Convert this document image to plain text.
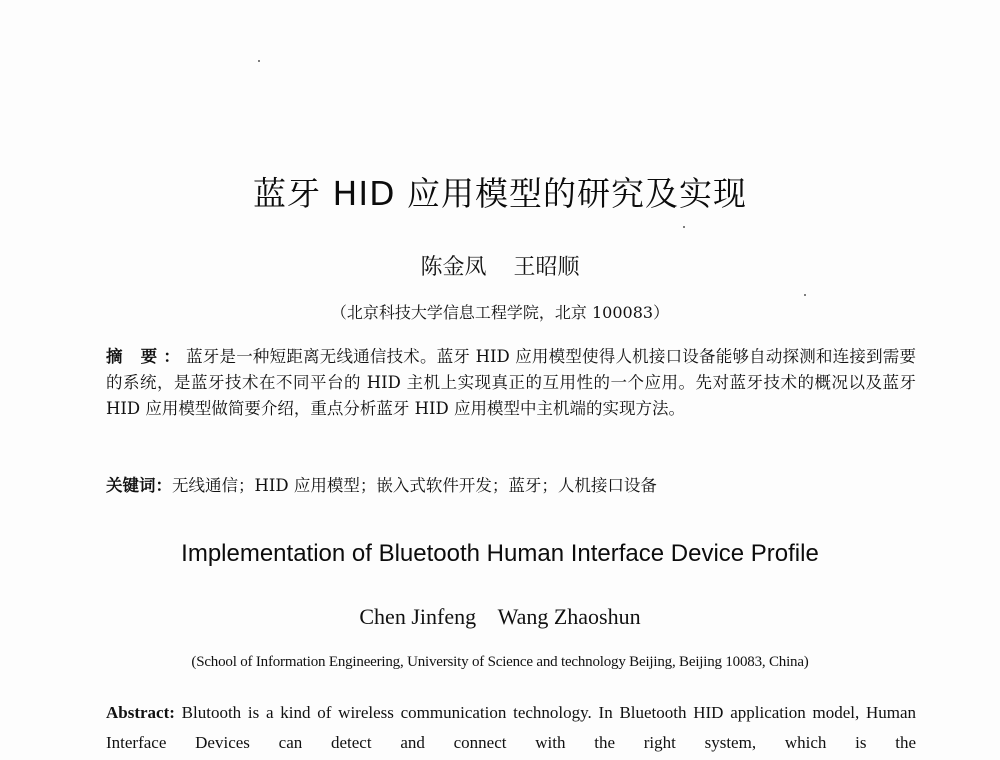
蓝牙 HID 应用模型的研究及实现
陈金凤 王昭顺
（北京科技大学信息工程学院，北京 100083）
摘 要：蓝牙是一种短距离无线通信技术。蓝牙 HID 应用模型使得人机接口设备能够自动探测和连接到需要的系统，是蓝牙技术在不同平台的 HID 主机上实现真正的互用性的一个应用。先对蓝牙技术的概况以及蓝牙 HID 应用模型做简要介绍，重点分析蓝牙 HID 应用模型中主机端的实现方法。
关键词：无线通信；HID 应用模型；嵌入式软件开发；蓝牙；人机接口设备
Implementation of Bluetooth Human Interface Device Profile
Chen Jinfeng Wang Zhaoshun
(School of Information Engineering, University of Science and technology Beijing, Beijing 10083, China)
Abstract: Blutooth is a kind of wireless communication technology. In Bluetooth HID application model, Human Interface Devices can detect and connect with the right system, which is the
